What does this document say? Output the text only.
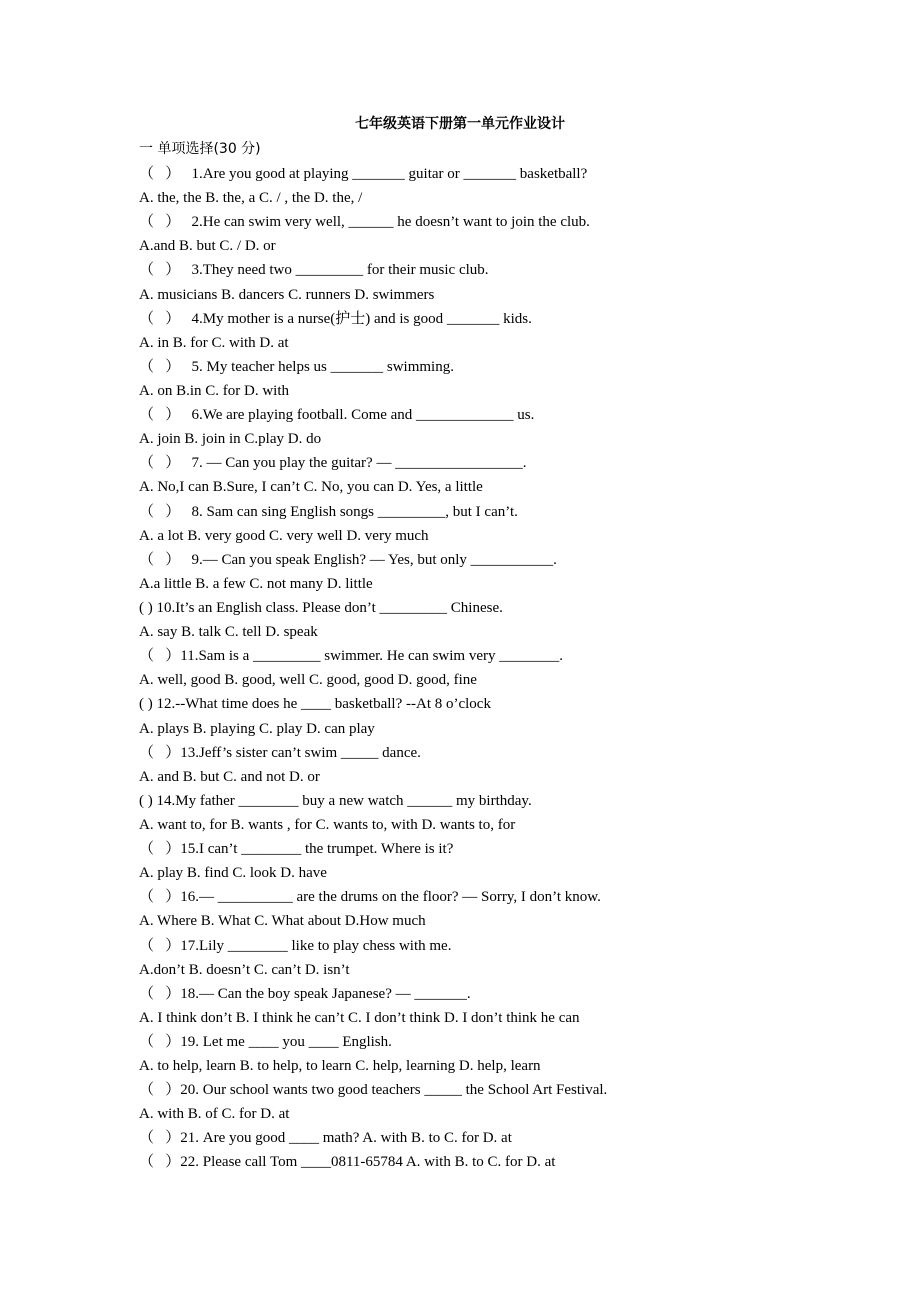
七年级英语下册第一单元作业设计

一 单项选择(30 分)

（   ）   1.Are you good at playing _______ guitar or _______ basketball?

A. the, the B. the, a C. / , the D. the, /

（   ）   2.He can swim very well, ______ he doesn’t want to join the club.

A.and B. but C. / D. or

（   ）   3.They need two _________ for their music club.

A. musicians B. dancers C. runners D. swimmers

（   ）   4.My mother is a nurse(护士) and is good _______ kids.

A. in B. for C. with D. at

（   ）   5. My teacher helps us _______ swimming.

A. on B.in C. for D. with

（   ）   6.We are playing football. Come and _____________ us.

A. join B. join in C.play D. do

（   ）   7. — Can you play the guitar? — _________________.

A. No,I can B.Sure, I can’t C. No, you can D. Yes, a little

（   ）   8. Sam can sing English songs _________, but I can’t.

A. a lot B. very good C. very well D. very much

（   ）   9.— Can you speak English? — Yes, but only ___________.

A.a little B. a few C. not many D. little

( ) 10.It’s an English class. Please don’t _________ Chinese.

A. say B. talk C. tell D. speak

（   ）11.Sam is a _________ swimmer. He can swim very ________.

A. well, good B. good, well C. good, good D. good, fine

( ) 12.--What time does he ____ basketball? --At 8 o’clock

A. plays B. playing C. play D. can play

（   ）13.Jeff’s sister can’t swim _____ dance.

A. and B. but C. and not D. or

( ) 14.My father ________ buy a new watch ______ my birthday.

A. want to, for B. wants , for C. wants to, with D. wants to, for

（   ）15.I can’t ________ the trumpet. Where is it?

A. play B. find C. look D. have

（   ）16.— __________ are the drums on the floor? — Sorry, I don’t know.

A. Where B. What C. What about D.How much

（   ）17.Lily ________ like to play chess with me.

A.don’t B. doesn’t C. can’t D. isn’t

（   ）18.— Can the boy speak Japanese? — _______.

A. I think don’t B. I think he can’t C. I don’t think D. I don’t think he can

（   ）19. Let me ____ you ____ English.

A. to help, learn B. to help, to learn C. help, learning D. help, learn

（   ）20. Our school wants two good teachers _____ the School Art Festival.

A. with B. of C. for D. at

（   ）21. Are you good ____ math? A. with B. to C. for D. at

（   ）22. Please call Tom ____0811-65784 A. with B. to C. for D. at
